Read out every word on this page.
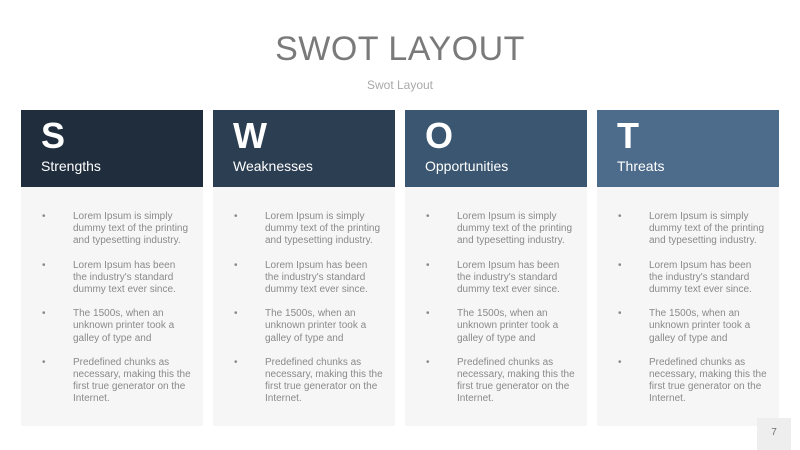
SWOT LAYOUT
Swot Layout
S
Strengths
•	Lorem Ipsum is simply dummy text of the printing and typesetting industry.
•	Lorem Ipsum has been the industry's standard dummy text ever since.
•	The 1500s, when an unknown printer took a galley of type and
•	Predefined chunks as necessary, making this the first true generator on the Internet.
W
Weaknesses
•	Lorem Ipsum is simply dummy text of the printing and typesetting industry.
•	Lorem Ipsum has been the industry's standard dummy text ever since.
•	The 1500s, when an unknown printer took a galley of type and
•	Predefined chunks as necessary, making this the first true generator on the Internet.
O
Opportunities
•	Lorem Ipsum is simply dummy text of the printing and typesetting industry.
•	Lorem Ipsum has been the industry's standard dummy text ever since.
•	The 1500s, when an unknown printer took a galley of type and
•	Predefined chunks as necessary, making this the first true generator on the Internet.
T
Threats
•	Lorem Ipsum is simply dummy text of the printing and typesetting industry.
•	Lorem Ipsum has been the industry's standard dummy text ever since.
•	The 1500s, when an unknown printer took a galley of type and
•	Predefined chunks as necessary, making this the first true generator on the Internet.
7
